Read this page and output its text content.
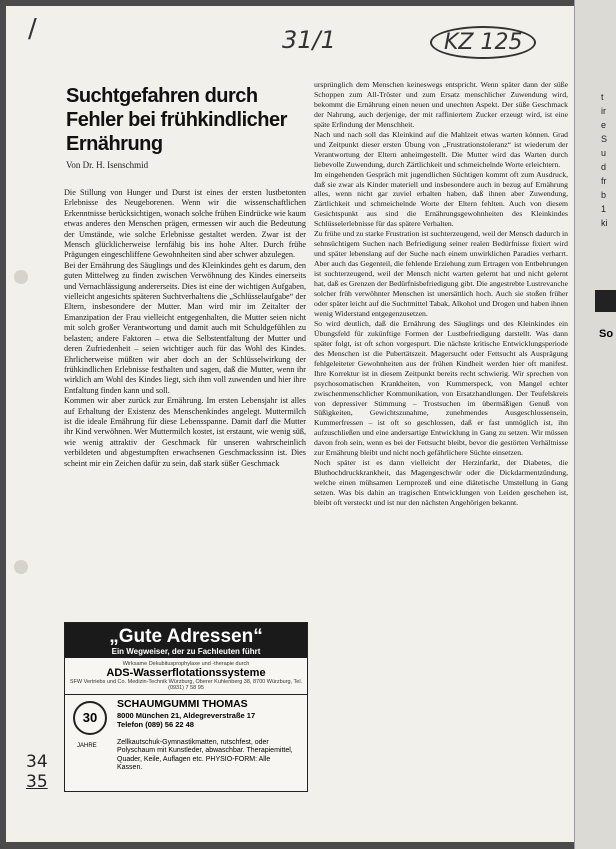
t
ir
e
S
u
d
fr
b
1
ki
So
/	31/1	KZ 125
Suchtgefahren durch Fehler bei frühkindlicher Ernährung
Von Dr. H. Isenschmid

Die Stillung von Hunger und Durst ist eines der ersten lustbetonten Erlebnisse des Neugeborenen. Wenn wir die wissenschaftlichen Erkenntnisse berücksichtigen, wonach solche frühen Eindrücke wie kaum etwas anderes den Menschen prägen, ermessen wir auch die Bedeutung der Umstände, wie solche Erlebnisse gestaltet werden. Zwar ist der Mensch glücklicherweise lernfähig bis ins hohe Alter. Durch frühe Prägungen eingeschliffene Gewohnheiten sind aber schwer abzulegen.

Bei der Ernährung des Säuglings und des Kleinkindes geht es darum, den guten Mittelweg zu finden zwischen Verwöhnung des Kindes einerseits und Vernachlässigung andererseits. Dies ist eine der wichtigen Aufgaben, vielleicht angesichts späteren Suchtverhaltens die „Schlüsselaufgabe“ der Eltern, insbesondere der Mutter. Man wird mir im Zeitalter der Emanzipation der Frau vielleicht entgegenhalten, die Mutter seien nicht mit solch großer Verantwortung und damit auch mit Schuldgefühlen zu belasten; andere Faktoren – etwa die Selbstentfaltung der Mutter und deren Zufriedenheit – seien wichtiger auch für das Wohl des Kindes. Ehrlicherweise müßten wir aber doch an der Schlüsselwirkung der frühkindlichen Erlebnisse festhalten und sagen, daß die Mutter, wenn ihr wirklich am Wohl des Kindes liegt, sich ihm voll zuwenden und hier ihre Entfaltung finden kann und soll.

Kommen wir aber zurück zur Ernährung. Im ersten Lebensjahr ist alles auf Erhaltung der Existenz des Menschenkindes angelegt. Muttermilch ist die ideale Ernährung für diese Lebensspanne. Damit darf die Mutter ihr Kind verwöhnen. Wer Muttermilch kostet, ist erstaunt, wie wenig süß, wie wenig attraktiv der Geschmack für unseren wahrscheinlich verbildeten und abgestumpften erwachsenen Geschmackssinn ist. Dies scheint mir ein Zeichen dafür zu sein, daß stark süßer Geschmack

ursprünglich dem Menschen keineswegs entspricht. Wenn später dann der süße Schoppen zum All-Tröster und zum Ersatz menschlicher Zuwendung wird, bekommt die Ernährung einen neuen und unechten Aspekt. Der süße Geschmack der Nahrung, auch derjenige, der mit raffiniertem Zucker erzeugt wird, ist eine späte Erfindung der Menschheit.

Nach und nach soll das Kleinkind auf die Mahlzeit etwas warten können. Grad und Zeitpunkt dieser ersten Übung von „Frustrationstoleranz“ ist wiederum der Verantwortung der Eltern anheimgestellt. Die Mutter wird das Warten durch liebevolle Zuwendung, durch Zärtlichkeit und schmeichelnde Worte erleichtern.

Im eingehenden Gespräch mit jugendlichen Süchtigen kommt oft zum Ausdruck, daß sie zwar als Kinder materiell und insbesondere auch in bezug auf Ernährung alles, wenn nicht gar zuviel erhalten haben, daß ihnen aber Zuwendung, Zärtlichkeit und schmeichelnde Worte der Eltern fehlten. Auch von diesem Gesichtspunkt aus sind die Ernährungsgewohnheiten des Kleinkindes Schlüsselerlebnisse für das spätere Verhalten.

Zu frühe und zu starke Frustration ist suchterzeugend, weil der Mensch dadurch in sehnsüchtigem Suchen nach Befriedigung seiner realen Bedürfnisse fixiert wird und später lebenslang auf der Suche nach einem unwirklichen Paradies verharrt. Aber auch das Gegenteil, die fehlende Erziehung zum Ertragen von Entbehrungen ist suchterzeugend, weil der Mensch nicht warten gelernt hat und nicht gelernt hat, daß es Grenzen der Bedürfnisbefriedigung gibt. Die angestrebte Lustrevanche solcher früh verwöhnter Menschen ist unersättlich hoch. Auch sie stoßen früher oder später leicht auf die Suchtmittel Tabak, Alkohol und Drogen und haben ihnen wenig Widerstand entgegenzusetzen.

So wird deutlich, daß die Ernährung des Säuglings und des Kleinkindes ein Übungsfeld für zukünftige Formen der Lustbefriedigung darstellt. Was dann später folgt, ist oft schon vorgespurt. Die nächste kritische Entwicklungsperiode des Menschen ist die Pubertätszeit. Magersucht oder Fettsucht als Ausprägung fehlgeleiteter Gewohnheiten aus der frühen Kindheit werden hier oft manifest. Ihre Korrektur ist in diesem Zeitpunkt bereits recht schwierig. Wir sprechen von psychosomatischen Krankheiten, von Kummerspeck, von Mangel echter zwischenmenschlicher Kommunikation, von Ersatzhandlungen. Der Teufelskreis von depressiver Stimmung – Trostsuchen im übermäßigen Genuß von Süßigkeiten, Gewichtszunahme, zunehmendes Ausgeschlossensein, Kummerfressen – ist oft so geschlossen, daß er fast unmöglich ist, ihn aufzuschließen und eine andersartige Entwicklung in Gang zu setzen. Wir müssen davon froh sein, wenn es bei der Fettsucht bleibt, bevor die gestörten Verhältnisse zur Ernährung bleibt und nicht noch gefährlichere Süchte einsetzen.

Noch später ist es dann vielleicht der Herzinfarkt, der Diabetes, die Bluthochdruckkrankheit, das Magengeschwür oder die Dickdarmentzündung, welche einen mühsamen Lernprozeß und eine diätetische Umstellung in Gang setzen. Was bis dahin an tragischen Entwicklungen von Leiden geschehen ist, bleibt oft versteckt und ist nur den nächsten Angehörigen bekannt.

„Gute Adressen“
Ein Wegweiser, der zu Fachleuten führt
Wirksame Dekubitusprophylaxe und -therapie durch
ADS-Wasserflotationssysteme
SFW Vertriebs und Co. Medizin-Technik Würzburg, Oberer Kuhlenberg 38, 8700 Würzburg, Tel. (0931) 7 58 95
30
JAHRE
SCHAUMGUMMI THOMAS
8000 München 21, Aldegreverstraße 17
Telefon (089) 56 22 48
Zellkautschuk-Gymnastikmatten, rutschfest, oder Polyschaum mit Kunstleder, abwaschbar. Therapiemittel, Quader, Keile, Auflagen etc. PHYSIO-FORM: Alle Kassen.
34
35
